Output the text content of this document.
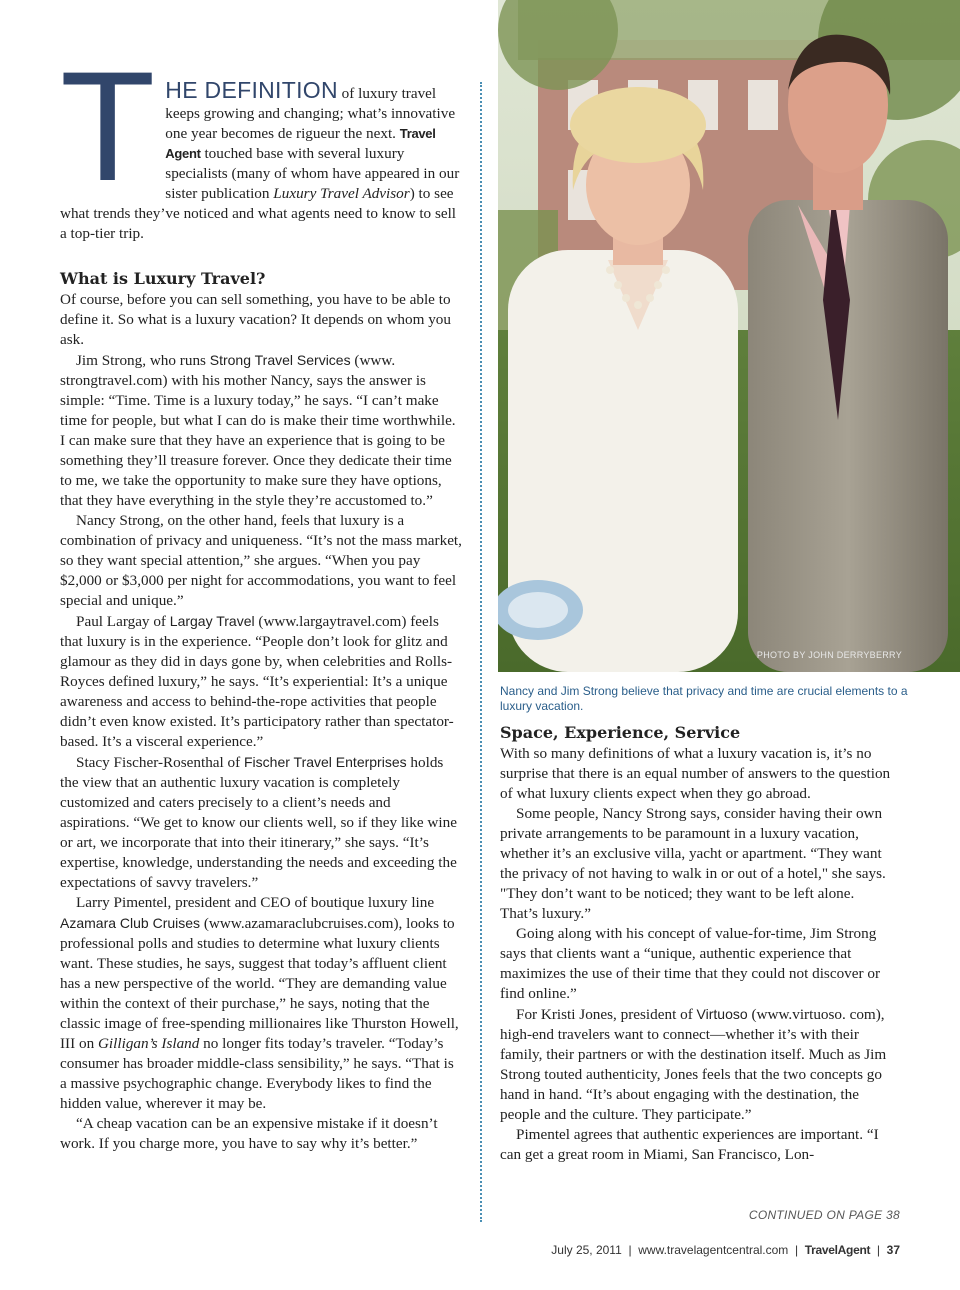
T HE DEFINITION of luxury travel keeps growing and changing; what’s innovative one year becomes de rigueur the next. Travel Agent touched base with several luxury specialists (many of whom have appeared in our sister publication Luxury Travel Advisor) to see what trends they’ve noticed and what agents need to know to sell a top-tier trip.
What is Luxury Travel?

Of course, before you can sell something, you have to be able to define it. So what is a luxury vacation? It depends on whom you ask.

Jim Strong, who runs Strong Travel Services (www. strongtravel.com) with his mother Nancy, says the answer is simple: “Time. Time is a luxury today,” he says. “I can’t make time for people, but what I can do is make their time worthwhile. I can make sure that they have an experience that is going to be something they’ll treasure forever. Once they dedicate their time to me, we take the opportunity to make sure they have options, that they have everything in the style they’re accustomed to.”

Nancy Strong, on the other hand, feels that luxury is a combination of privacy and uniqueness. “It’s not the mass market, so they want special attention,” she argues. “When you pay $2,000 or $3,000 per night for accommodations, you want to feel special and unique.”

Paul Largay of Largay Travel (www.largaytravel.com) feels that luxury is in the experience. “People don’t look for glitz and glamour as they did in days gone by, when celebrities and Rolls-Royces defined luxury,” he says. “It’s experiential: It’s a unique awareness and access to behind-the-rope activities that people didn’t even know existed. It’s participatory rather than spectator-based. It’s a visceral experience.”

Stacy Fischer-Rosenthal of Fischer Travel Enterprises holds the view that an authentic luxury vacation is completely customized and caters precisely to a client’s needs and aspirations. “We get to know our clients well, so if they like wine or art, we incorporate that into their itinerary,” she says. “It’s expertise, knowledge, understanding the needs and exceeding the expectations of savvy travelers.”

Larry Pimentel, president and CEO of boutique luxury line Azamara Club Cruises (www.azamaraclubcruises.com), looks to professional polls and studies to determine what luxury clients want. These studies, he says, suggest that today’s affluent client has a new perspective of the world. “They are demanding value within the context of their purchase,” he says, noting that the classic image of free-spending millionaires like Thurston Howell, III on Gilligan’s Island no longer fits today’s traveler. “Today’s consumer has broader middle-class sensibility,” he says. “That is a massive psychographic change. Everybody likes to find the hidden value, wherever it may be.

“A cheap vacation can be an expensive mistake if it doesn’t work. If you charge more, you have to say why it’s better.”

PHOTO BY JOHN DERRYBERRY
Nancy and Jim Strong believe that privacy and time are crucial elements to a luxury vacation.
Space, Experience, Service

With so many definitions of what a luxury vacation is, it’s no surprise that there is an equal number of answers to the question of what luxury clients expect when they go abroad.

Some people, Nancy Strong says, consider having their own private arrangements to be paramount in a luxury vacation, whether it’s an exclusive villa, yacht or apartment. “They want the privacy of not having to walk in or out of a hotel," she says. "They don’t want to be noticed; they want to be left alone. That’s luxury.”

Going along with his concept of value-for-time, Jim Strong says that clients want a “unique, authentic experience that maximizes the use of their time that they could not discover or find online.”

For Kristi Jones, president of Virtuoso (www.virtuoso. com), high-end travelers want to connect—whether it’s with their family, their partners or with the destination itself. Much as Jim Strong touted authenticity, Jones feels that the two concepts go hand in hand. “It’s about engaging with the destination, the people and the culture. They participate.”

Pimentel agrees that authentic experiences are important. “I can get a great room in Miami, San Francisco, Lon-

CONTINUED ON PAGE 38
July 25, 2011 | www.travelagentcentral.com | TravelAgent | 37
